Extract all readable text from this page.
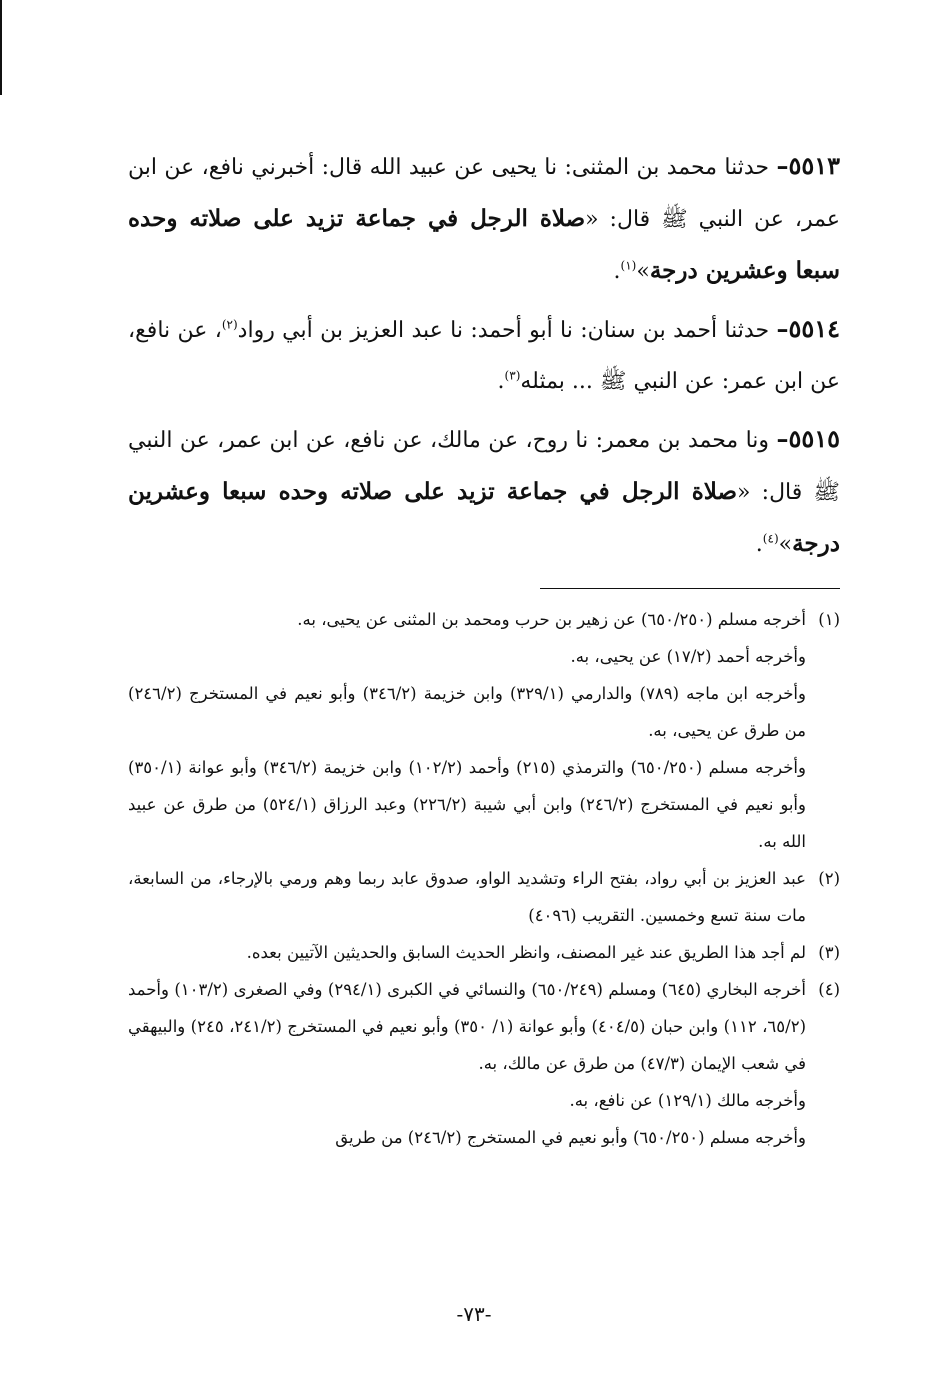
٥٥١٣– حدثنا محمد بن المثنى: نا يحيى عن عبيد الله قال: أخبرني نافع، عن ابن عمر، عن النبي ﷺ قال: «صلاة الرجل في جماعة تزيد على صلاته وحده سبعا وعشرين درجة»$^{(١)}$.

٥٥١٤– حدثنا أحمد بن سنان: نا أبو أحمد: نا عبد العزيز بن أبي رواد$^{(٢)}$، عن نافع، عن ابن عمر: عن النبي ﷺ ... بمثله$^{(٣)}$.

٥٥١٥– ونا محمد بن معمر: نا روح، عن مالك، عن نافع، عن ابن عمر، عن النبي ﷺ قال: «صلاة الرجل في جماعة تزيد على صلاته وحده سبعا وعشرين درجة»$^{(٤)}$.

(١)
أخرجه مسلم (٦٥٠/٢٥٠) عن زهير بن حرب ومحمد بن المثنى عن يحيى، به.
وأخرجه أحمد (١٧/٢) عن يحيى، به.
وأخرجه ابن ماجه (٧٨٩) والدارمي (٣٢٩/١) وابن خزيمة (٣٤٦/٢) وأبو نعيم في المستخرج (٢٤٦/٢) من طرق عن يحيى، به.
وأخرجه مسلم (٦٥٠/٢٥٠) والترمذي (٢١٥) وأحمد (١٠٢/٢) وابن خزيمة (٣٤٦/٢) وأبو عوانة (٣٥٠/١) وأبو نعيم في المستخرج (٢٤٦/٢) وابن أبي شيبة (٢٢٦/٢) وعبد الرزاق (٥٢٤/١) من طرق عن عبيد الله به.
(٢)
عبد العزيز بن أبي رواد، بفتح الراء وتشديد الواو، صدوق عابد ربما وهم ورمي بالإرجاء، من السابعة، مات سنة تسع وخمسين. التقريب (٤٠٩٦)
(٣)
لم أجد هذا الطريق عند غير المصنف، وانظر الحديث السابق والحديثين الآتيين بعده.
(٤)
أخرجه البخاري (٦٤٥) ومسلم (٦٥٠/٢٤٩) والنسائي في الكبرى (٢٩٤/١) وفي الصغرى (١٠٣/٢) وأحمد (٦٥/٢، ١١٢) وابن حبان (٤٠٤/٥) وأبو عوانة (١/ ٣٥٠) وأبو نعيم في المستخرج (٢٤١/٢، ٢٤٥) والبيهقي في شعب الإيمان (٤٧/٣) من طرق عن مالك، به.
وأخرجه مالك (١٢٩/١) عن نافع، به.
وأخرجه مسلم (٦٥٠/٢٥٠) وأبو نعيم في المستخرج (٢٤٦/٢) من طريق
-٧٣-
